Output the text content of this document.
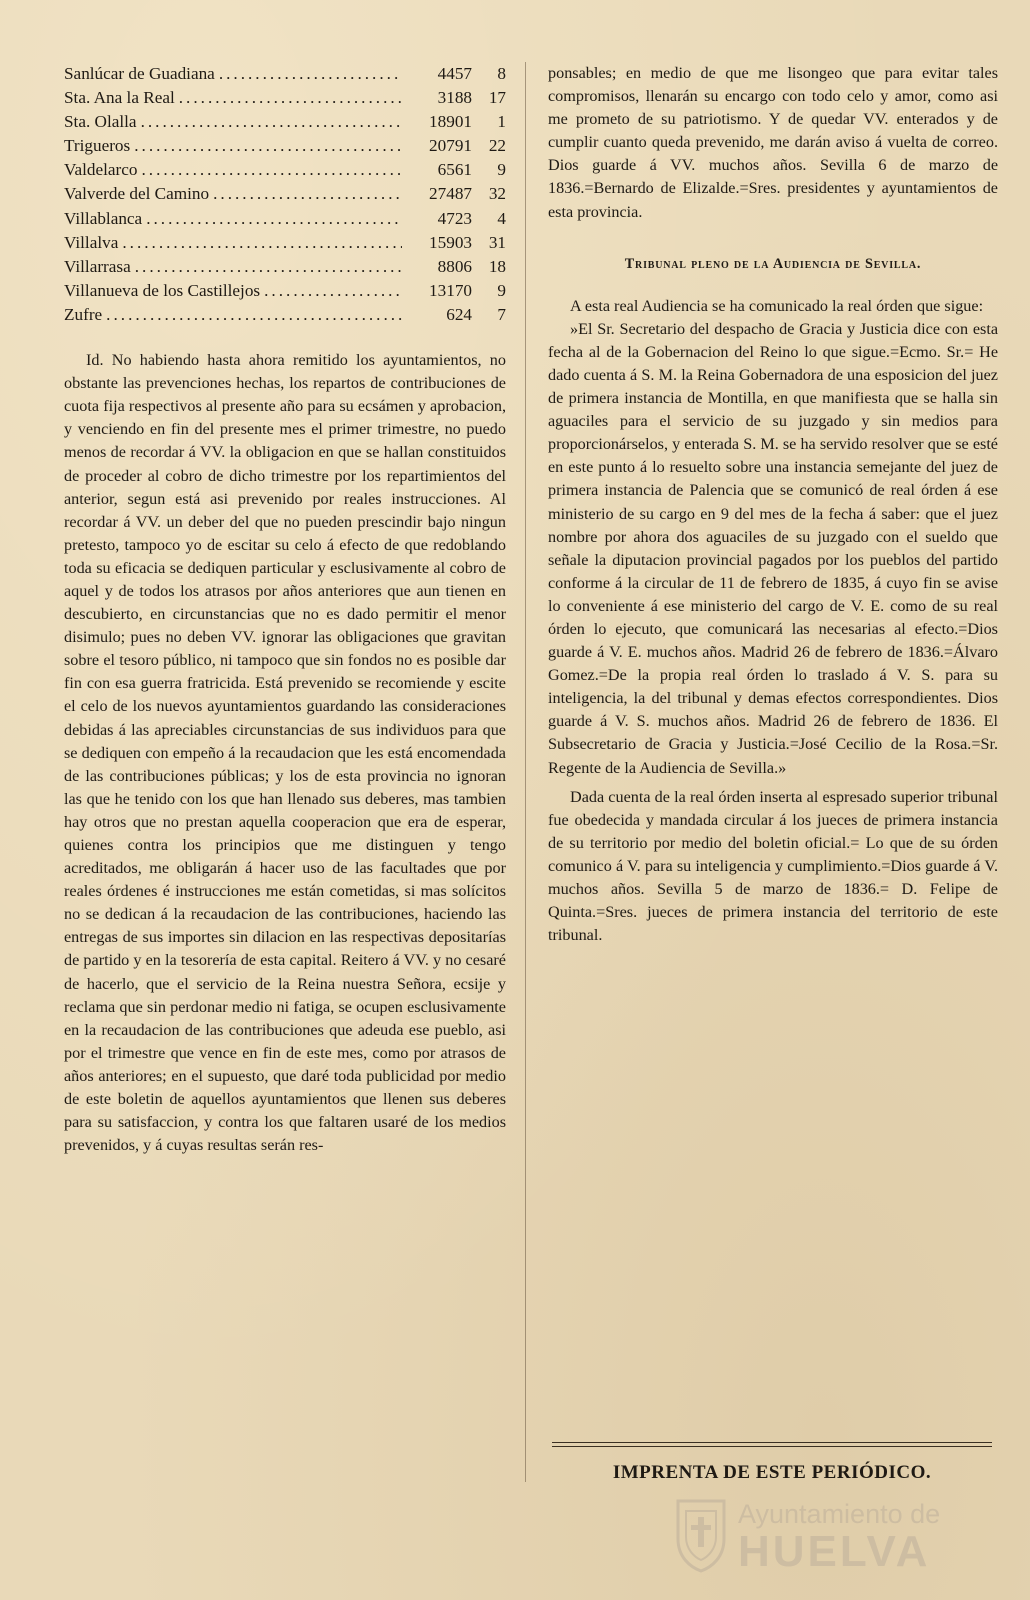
Sanlúcar de Guadiana .....	4457	8
Sta. Ana la Real .....	3188 17
Sta. Olalla .....	18901	1
Trigueros .....	20791 22
Valdelarco .....	6561	9
Valverde del Camino .....	27487 32
Villablanca .....	4723	4
Villalva .....	15903 31
Villarrasa .....	8806 18
Villanueva de los Castillejos .....	13170	9
Zufre .....	624	7

Id. No habiendo hasta ahora remitido los ayuntamientos, no obstante las prevenciones hechas, los repartos de contribuciones de cuota fija respectivos al presente año para su ecsámen y aprobacion, y venciendo en fin del presente mes el primer trimestre, no puedo menos de recordar á VV. la obligacion en que se hallan constituidos de proceder al cobro de dicho trimestre por los repartimientos del anterior, segun está asi prevenido por reales instrucciones. Al recordar á VV. un deber del que no pueden prescindir bajo ningun pretesto, tampoco yo de escitar su celo á efecto de que redoblando toda su eficacia se dediquen particular y esclusivamente al cobro de aquel y de todos los atrasos por años anteriores que aun tienen en descubierto, en circunstancias que no es dado permitir el menor disimulo; pues no deben VV. ignorar las obligaciones que gravitan sobre el tesoro público, ni tampoco que sin fondos no es posible dar fin con esa guerra fratricida. Está prevenido se recomiende y escite el celo de los nuevos ayuntamientos guardando las consideraciones debidas á las apreciables circunstancias de sus individuos para que se dediquen con empeño á la recaudacion que les está encomendada de las contribuciones públicas; y los de esta provincia no ignoran las que he tenido con los que han llenado sus deberes, mas tambien hay otros que no prestan aquella cooperacion que era de esperar, quienes contra los principios que me distinguen y tengo acreditados, me obligarán á hacer uso de las facultades que por reales órdenes é instrucciones me están cometidas, si mas solícitos no se dedican á la recaudacion de las contribuciones, haciendo las entregas de sus importes sin dilacion en las respectivas depositarías de partido y en la tesorería de esta capital. Reitero á VV. y no cesaré de hacerlo, que el servicio de la Reina nuestra Señora, ecsije y reclama que sin perdonar medio ni fatiga, se ocupen esclusivamente en la recaudacion de las contribuciones que adeuda ese pueblo, asi por el trimestre que vence en fin de este mes, como por atrasos de años anteriores; en el supuesto, que daré toda publicidad por medio de este boletin de aquellos ayuntamientos que llenen sus deberes para su satisfaccion, y contra los que faltaren usaré de los medios prevenidos, y á cuyas resultas serán res-

ponsables; en medio de que me lisongeo que para evitar tales compromisos, llenarán su encargo con todo celo y amor, como asi me prometo de su patriotismo. Y de quedar VV. enterados y de cumplir cuanto queda prevenido, me darán aviso á vuelta de correo. Dios guarde á VV. muchos años. Sevilla 6 de marzo de 1836.=Bernardo de Elizalde.=Sres. presidentes y ayuntamientos de esta provincia.

Tribunal pleno de la Audiencia de Sevilla.

A esta real Audiencia se ha comunicado la real órden que sigue:

»El Sr. Secretario del despacho de Gracia y Justicia dice con esta fecha al de la Gobernacion del Reino lo que sigue.=Ecmo. Sr.= He dado cuenta á S. M. la Reina Gobernadora de una esposicion del juez de primera instancia de Montilla, en que manifiesta que se halla sin aguaciles para el servicio de su juzgado y sin medios para proporcionárselos, y enterada S. M. se ha servido resolver que se esté en este punto á lo resuelto sobre una instancia semejante del juez de primera instancia de Palencia que se comunicó de real órden á ese ministerio de su cargo en 9 del mes de la fecha á saber: que el juez nombre por ahora dos aguaciles de su juzgado con el sueldo que señale la diputacion provincial pagados por los pueblos del partido conforme á la circular de 11 de febrero de 1835, á cuyo fin se avise lo conveniente á ese ministerio del cargo de V. E. como de su real órden lo ejecuto, que comunicará las necesarias al efecto.=Dios guarde á V. E. muchos años. Madrid 26 de febrero de 1836.=Álvaro Gomez.=De la propia real órden lo traslado á V. S. para su inteligencia, la del tribunal y demas efectos correspondientes. Dios guarde á V. S. muchos años. Madrid 26 de febrero de 1836. El Subsecretario de Gracia y Justicia.=José Cecilio de la Rosa.=Sr. Regente de la Audiencia de Sevilla.»

Dada cuenta de la real órden inserta al espresado superior tribunal fue obedecida y mandada circular á los jueces de primera instancia de su territorio por medio del boletin oficial.= Lo que de su órden comunico á V. para su inteligencia y cumplimiento.=Dios guarde á V. muchos años. Sevilla 5 de marzo de 1836.= D. Felipe de Quinta.=Sres. jueces de primera instancia del territorio de este tribunal.

IMPRENTA DE ESTE PERIÓDICO.
Ayuntamiento de
HUELVA
